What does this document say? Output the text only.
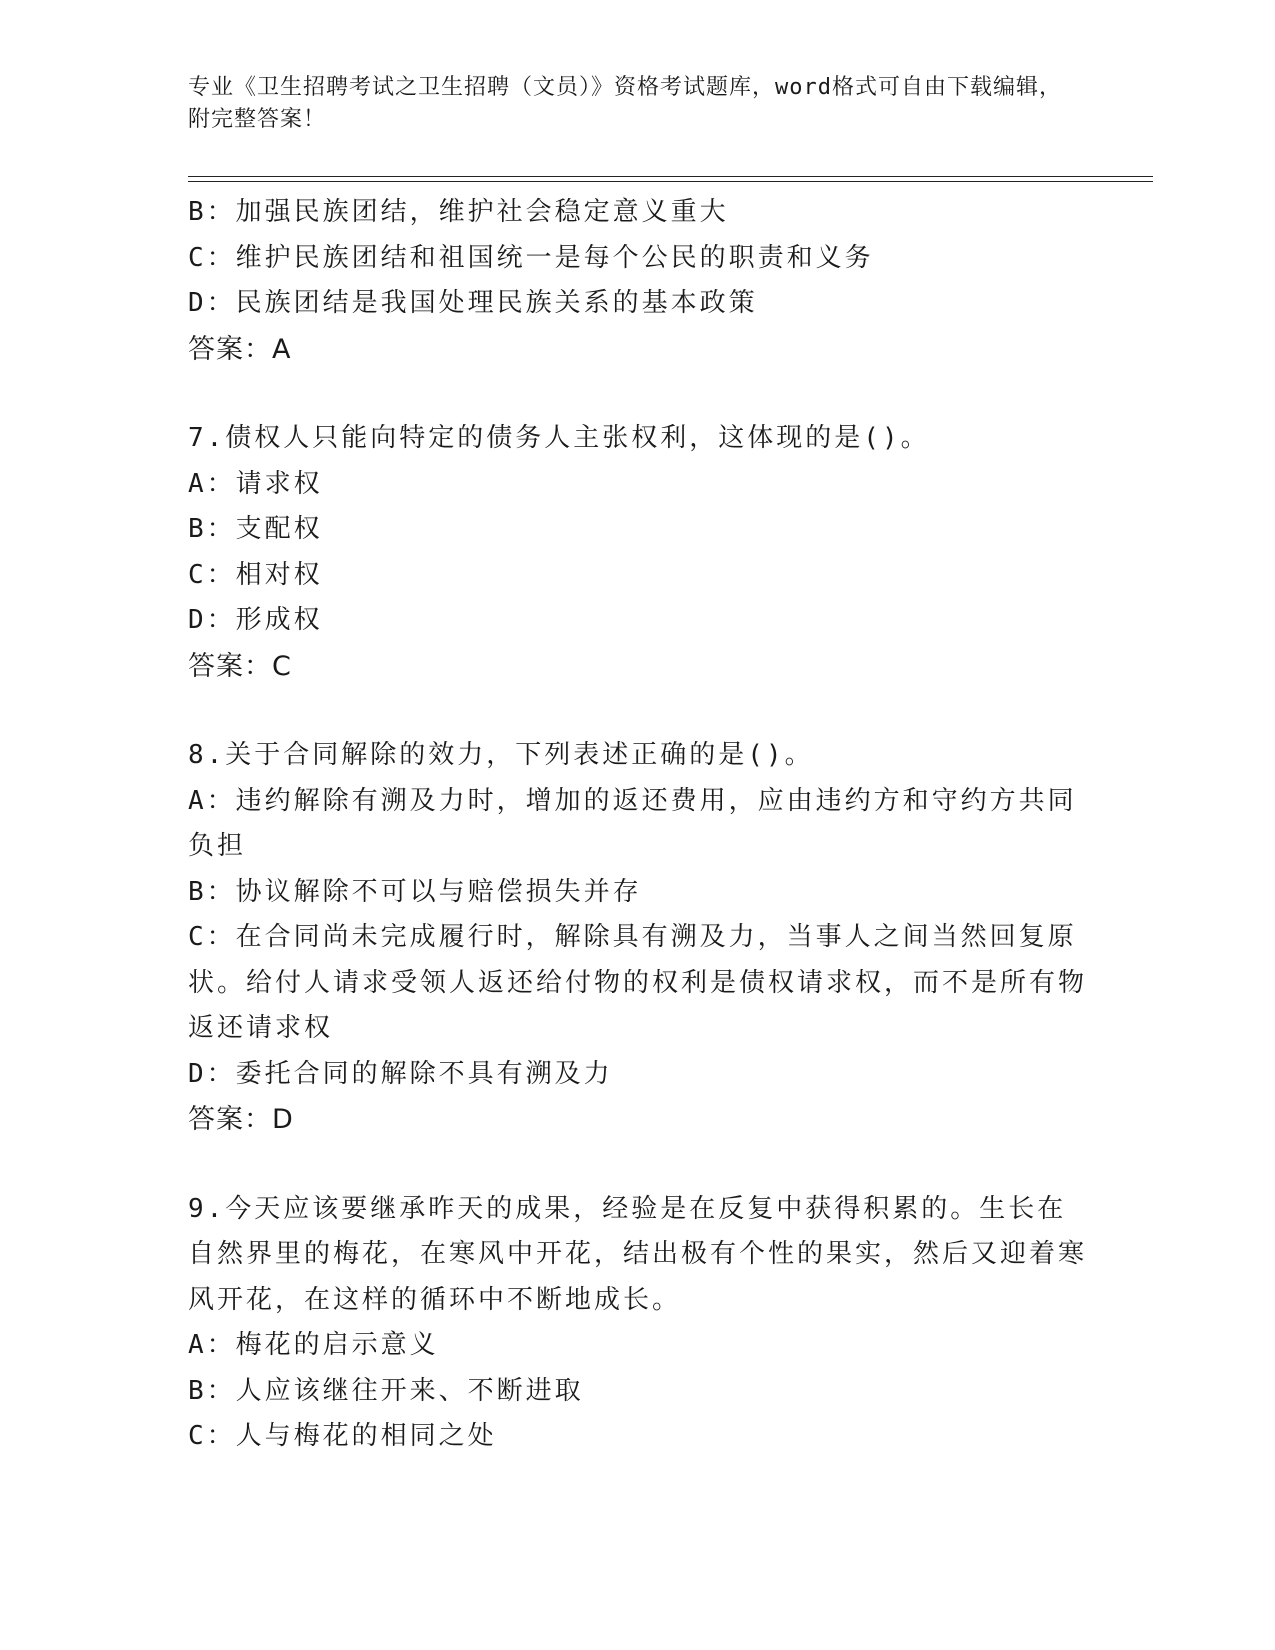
专业《卫生招聘考试之卫生招聘（文员）》资格考试题库，word格式可自由下载编辑，附完整答案！
B：加强民族团结，维护社会稳定意义重大
C：维护民族团结和祖国统一是每个公民的职责和义务
D：民族团结是我国处理民族关系的基本政策
答案：A
7.债权人只能向特定的债务人主张权利，这体现的是()。
A：请求权
B：支配权
C：相对权
D：形成权
答案：C
8.关于合同解除的效力，下列表述正确的是()。
A：违约解除有溯及力时，增加的返还费用，应由违约方和守约方共同负担
B：协议解除不可以与赔偿损失并存
C：在合同尚未完成履行时，解除具有溯及力，当事人之间当然回复原状。给付人请求受领人返还给付物的权利是债权请求权，而不是所有物返还请求权
D：委托合同的解除不具有溯及力
答案：D
9.今天应该要继承昨天的成果，经验是在反复中获得积累的。生长在自然界里的梅花，在寒风中开花，结出极有个性的果实，然后又迎着寒风开花，在这样的循环中不断地成长。
A：梅花的启示意义
B：人应该继往开来、不断进取
C：人与梅花的相同之处
